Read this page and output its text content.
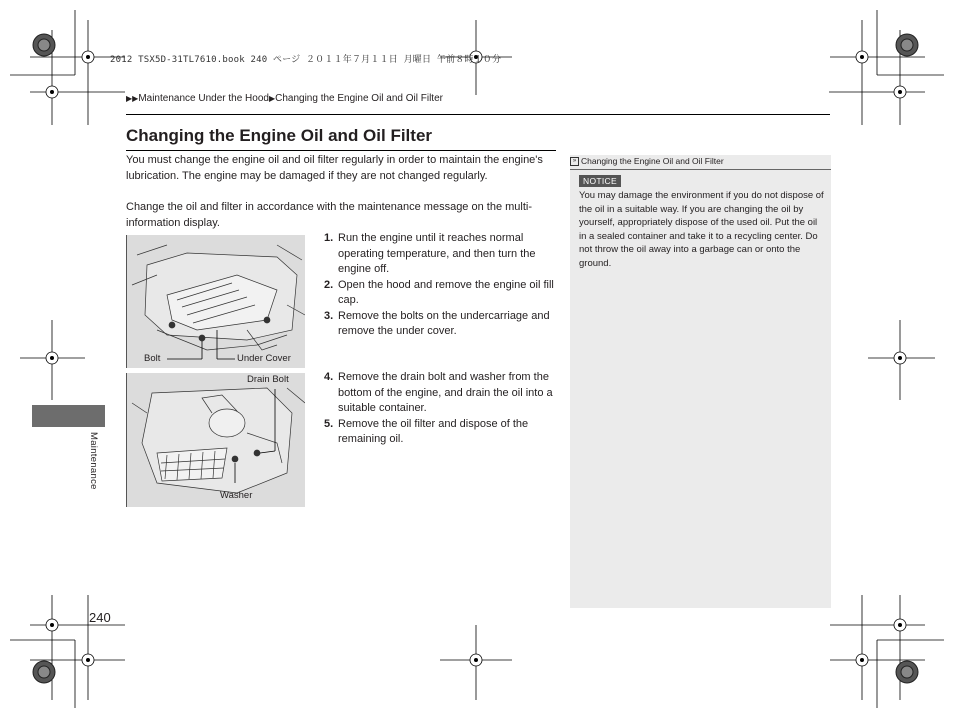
2012 TSX5D-31TL7610.book 240 ページ ２０１１年７月１１日 月曜日 午前８時１０分
▶▶Maintenance Under the Hood▶Changing the Engine Oil and Oil Filter
Changing the Engine Oil and Oil Filter
You must change the engine oil and oil filter regularly in order to maintain the engine's lubrication. The engine may be damaged if they are not changed regularly.
Change the oil and filter in accordance with the maintenance message on the multi-information display.
Bolt	Under Cover
Drain Bolt
Washer
1. Run the engine until it reaches normal operating temperature, and then turn the engine off.
2. Open the hood and remove the engine oil fill cap.
3. Remove the bolts on the undercarriage and remove the under cover.
4. Remove the drain bolt and washer from the bottom of the engine, and drain the oil into a suitable container.
5. Remove the oil filter and dispose of the remaining oil.
» Changing the Engine Oil and Oil Filter
NOTICE
You may damage the environment if you do not dispose of the oil in a suitable way. If you are changing the oil by yourself, appropriately dispose of the used oil. Put the oil in a sealed container and take it to a recycling center. Do not throw the oil away into a garbage can or onto the ground.
Maintenance
240
